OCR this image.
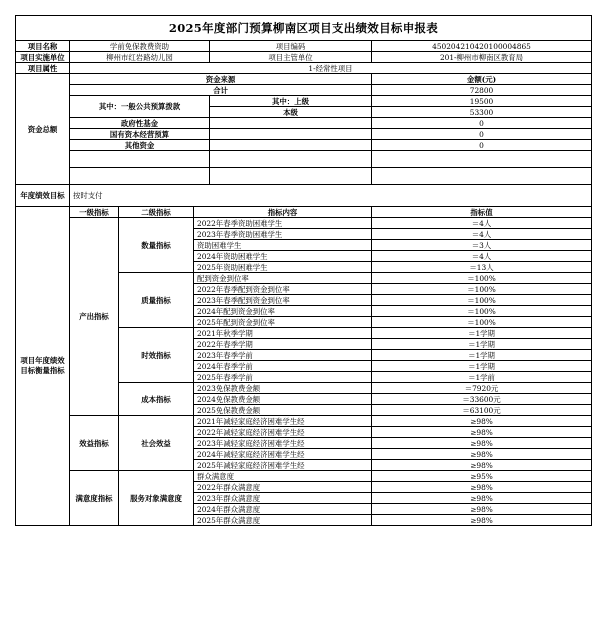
2025年度部门预算柳南区项目支出绩效目标申报表					
项目名称	学前免保教费资助			项目编码	450204210420100004865
项目实施单位	柳州市红岩路幼儿园			项目主管单位	201-柳州市柳南区教育局
项目属性	1-经常性项目				
资金总额	资金来源				金额(元)
	合计				72800
	其中：一般公共预算拨款			其中：上级	19500
				本级	53300
	政府性基金				0
	国有资本经营预算				0
	其他资金				0

年度绩效目标	按时支付				
项目年度绩效目标衡量指标	一级指标	二级指标	指标内容		指标值
	产出指标	数量指标	2022年春季资助困难学生		＝4人
			2023年春季资助困难学生		＝4人
			资助困难学生		＝3人
			2024年资助困难学生		＝4人
			2025年资助困难学生		＝13人
		质量指标	配到资金到位率		＝100%
			2022年春季配到资金到位率		＝100%
			2023年春季配到资金到位率		＝100%
			2024年配到资金到位率		＝100%
			2025年配到资金到位率		＝100%
		时效指标	2021年秋季学期		＝1学期
			2022年春季学期		＝1学期
			2023年春季学前		＝1学期
			2024年春季学前		＝1学期
			2025年春季学前		＝1学前
		成本指标	2023免保教费金额		＝7920元
			2024免保教费金额		＝33600元
			2025免保教费金额		＝63100元
	效益指标	社会效益	2021年减轻家庭经济困难学生经		≥98%
			2022年减轻家庭经济困难学生经		≥98%
			2023年减轻家庭经济困难学生经		≥98%
			2024年减轻家庭经济困难学生经		≥98%
			2025年减轻家庭经济困难学生经		≥98%
	满意度指标	服务对象满意度	群众满意度		≥95%
			2022年群众满意度		≥98%
			2023年群众满意度		≥98%
			2024年群众满意度		≥98%
			2025年群众满意度		≥98%
